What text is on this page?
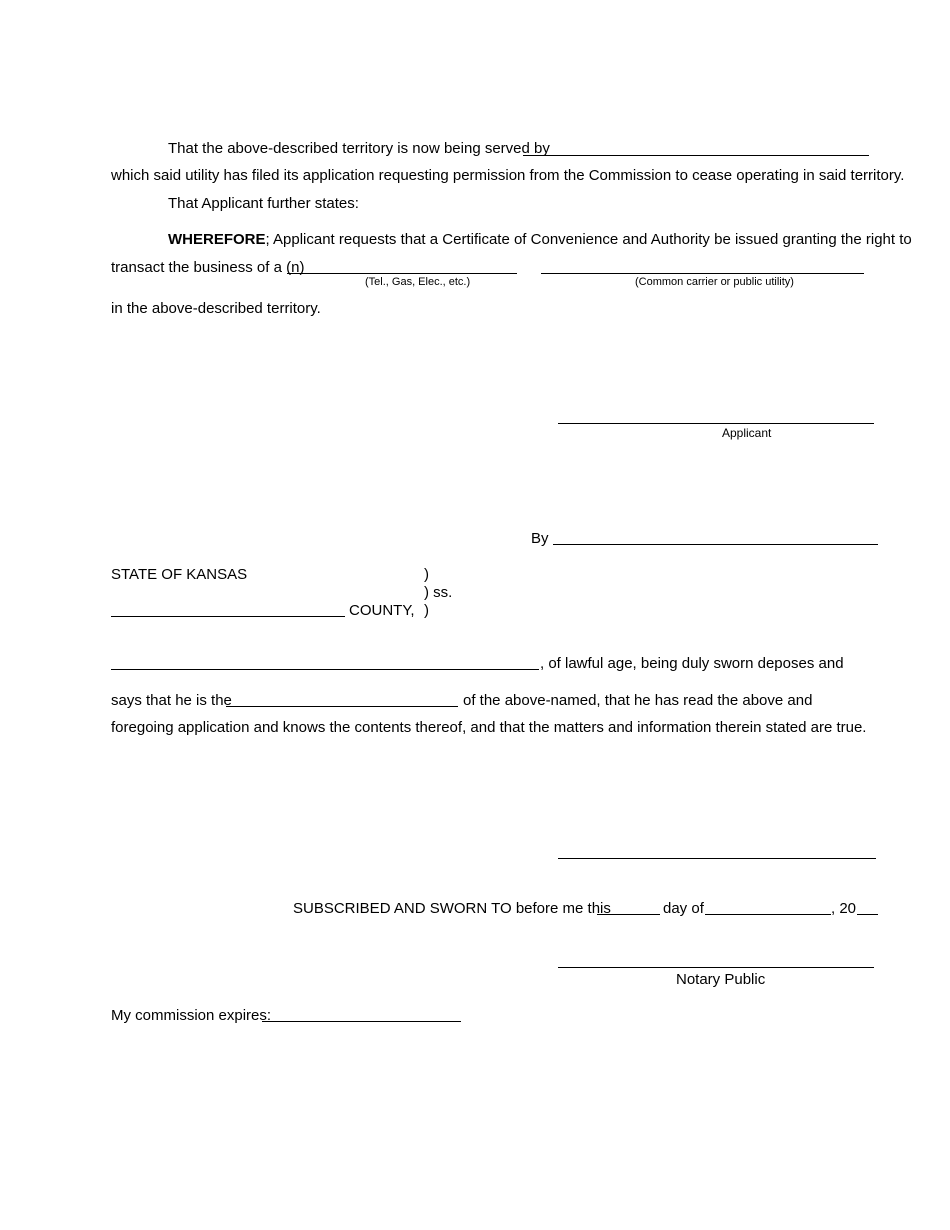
That the above-described territory is now being served by
which said utility has filed its application requesting permission from the Commission to cease operating in said territory.
That Applicant further states:
WHEREFORE; Applicant requests that a Certificate of Convenience and Authority be issued granting the right to
transact the business of a (n)
(Tel., Gas, Elec., etc.)	(Common carrier or public utility)
in the above-described territory.
Applicant
By
STATE OF KANSAS	)
) ss.
COUNTY, )
, of lawful age, being duly sworn deposes and
says that he is the	of the above-named, that he has read the above and
foregoing application and knows the contents thereof, and that the matters and information therein stated are true.
SUBSCRIBED AND SWORN TO before me this	day of	, 20
Notary Public
My commission expires:
